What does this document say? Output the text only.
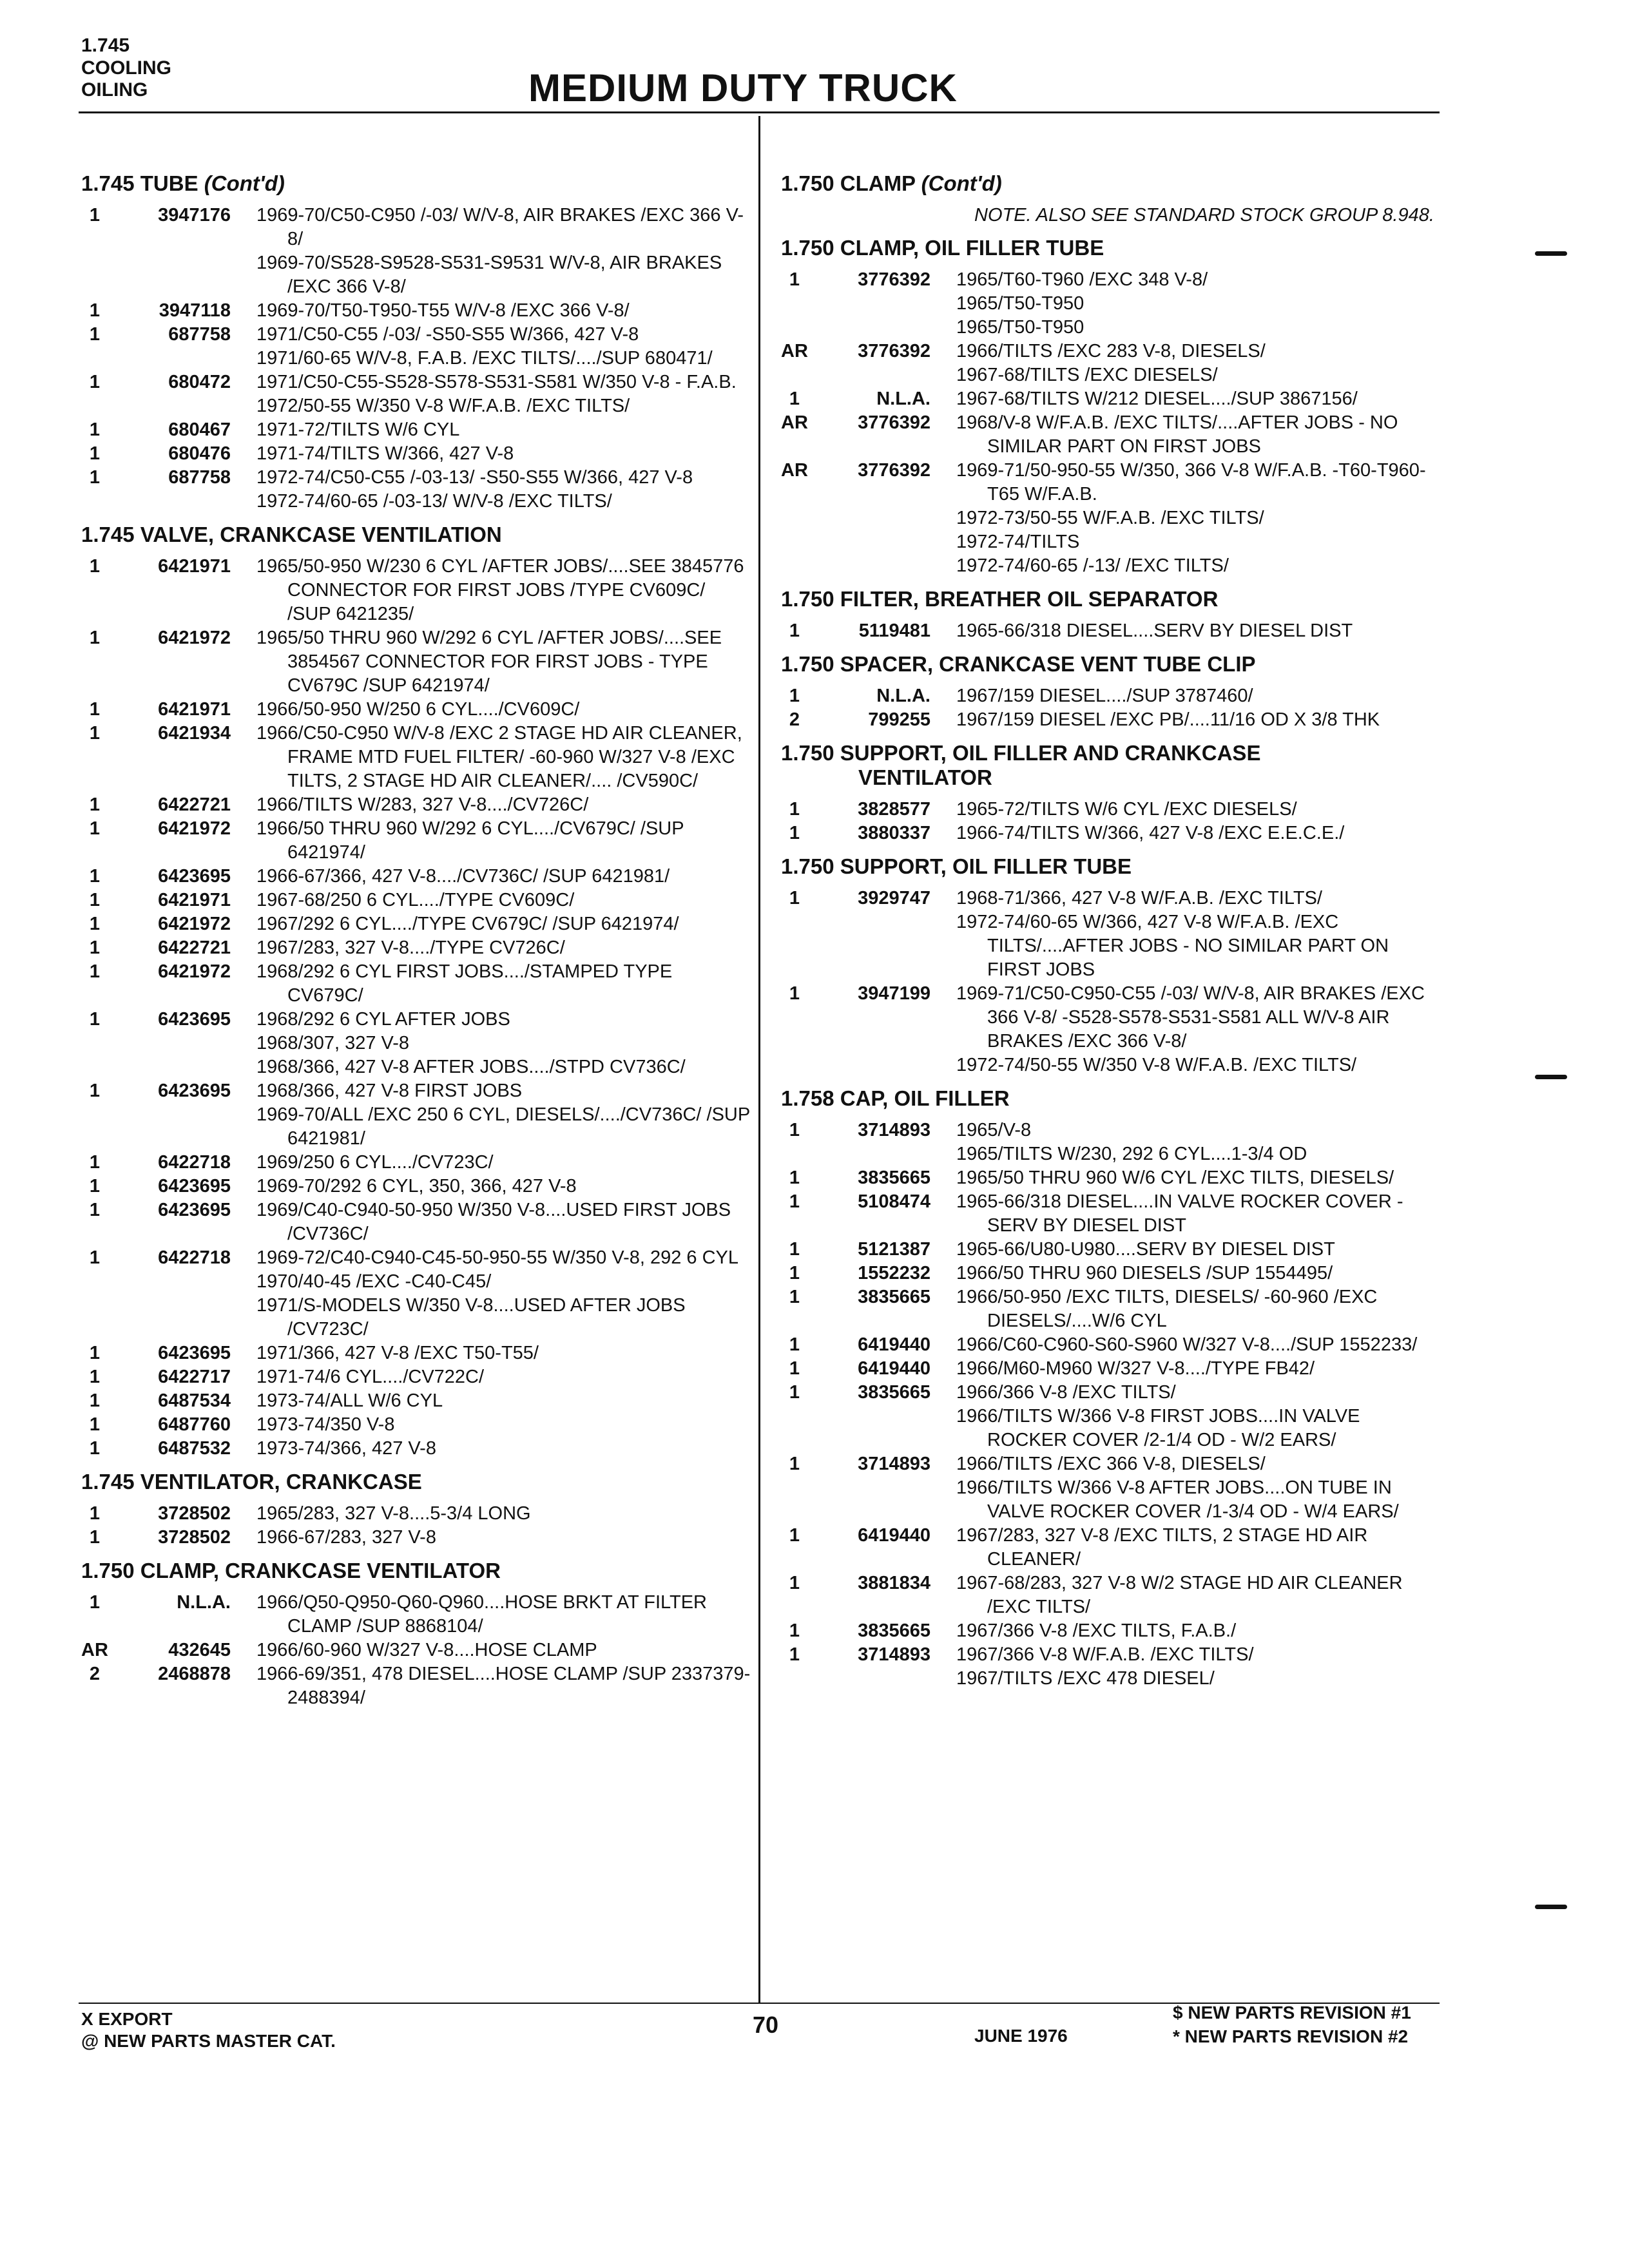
1.745
COOLING
OILING	MEDIUM DUTY TRUCK
1.745 TUBE (Cont'd)
1	3947176	1969-70/C50-C950 /-03/ W/V-8, AIR BRAKES /EXC 366 V-8/
1969-70/S528-S9528-S531-S9531 W/V-8, AIR BRAKES /EXC 366 V-8/
1	3947118	1969-70/T50-T950-T55 W/V-8 /EXC 366 V-8/
1	687758	1971/C50-C55 /-03/ -S50-S55 W/366, 427 V-8
1971/60-65 W/V-8, F.A.B. /EXC TILTS/..../SUP 680471/
1	680472	1971/C50-C55-S528-S578-S531-S581 W/350 V-8 - F.A.B.
1972/50-55 W/350 V-8 W/F.A.B. /EXC TILTS/
1	680467	1971-72/TILTS W/6 CYL
1	680476	1971-74/TILTS W/366, 427 V-8
1	687758	1972-74/C50-C55 /-03-13/ -S50-S55 W/366, 427 V-8
1972-74/60-65 /-03-13/ W/V-8 /EXC TILTS/
1.745 VALVE, CRANKCASE VENTILATION
1	6421971	1965/50-950 W/230 6 CYL /AFTER JOBS/....SEE 3845776 CONNECTOR FOR FIRST JOBS /TYPE CV609C/ /SUP 6421235/
1	6421972	1965/50 THRU 960 W/292 6 CYL /AFTER JOBS/....SEE 3854567 CONNECTOR FOR FIRST JOBS - TYPE CV679C /SUP 6421974/
1	6421971	1966/50-950 W/250 6 CYL..../CV609C/
1	6421934	1966/C50-C950 W/V-8 /EXC 2 STAGE HD AIR CLEANER, FRAME MTD FUEL FILTER/ -60-960 W/327 V-8 /EXC TILTS, 2 STAGE HD AIR CLEANER/.... /CV590C/
1	6422721	1966/TILTS W/283, 327 V-8..../CV726C/
1	6421972	1966/50 THRU 960 W/292 6 CYL..../CV679C/ /SUP 6421974/
1	6423695	1966-67/366, 427 V-8..../CV736C/ /SUP 6421981/
1	6421971	1967-68/250 6 CYL..../TYPE CV609C/
1	6421972	1967/292 6 CYL..../TYPE CV679C/ /SUP 6421974/
1	6422721	1967/283, 327 V-8..../TYPE CV726C/
1	6421972	1968/292 6 CYL FIRST JOBS..../STAMPED TYPE CV679C/
1	6423695	1968/292 6 CYL AFTER JOBS
1968/307, 327 V-8
1968/366, 427 V-8 AFTER JOBS..../STPD CV736C/
1	6423695	1968/366, 427 V-8 FIRST JOBS
1969-70/ALL /EXC 250 6 CYL, DIESELS/..../CV736C/ /SUP 6421981/
1	6422718	1969/250 6 CYL..../CV723C/
1	6423695	1969-70/292 6 CYL, 350, 366, 427 V-8
1	6423695	1969/C40-C940-50-950 W/350 V-8....USED FIRST JOBS /CV736C/
1	6422718	1969-72/C40-C940-C45-50-950-55 W/350 V-8, 292 6 CYL
1970/40-45 /EXC -C40-C45/
1971/S-MODELS W/350 V-8....USED AFTER JOBS /CV723C/
1	6423695	1971/366, 427 V-8 /EXC T50-T55/
1	6422717	1971-74/6 CYL..../CV722C/
1	6487534	1973-74/ALL W/6 CYL
1	6487760	1973-74/350 V-8
1	6487532	1973-74/366, 427 V-8
1.745 VENTILATOR, CRANKCASE
1	3728502	1965/283, 327 V-8....5-3/4 LONG
1	3728502	1966-67/283, 327 V-8
1.750 CLAMP, CRANKCASE VENTILATOR
1	N.L.A.	1966/Q50-Q950-Q60-Q960....HOSE BRKT AT FILTER CLAMP /SUP 8868104/
AR	432645	1966/60-960 W/327 V-8....HOSE CLAMP
2	2468878	1966-69/351, 478 DIESEL....HOSE CLAMP /SUP 2337379-2488394/
1.750 CLAMP (Cont'd)
NOTE. ALSO SEE STANDARD STOCK GROUP 8.948.
1.750 CLAMP, OIL FILLER TUBE
1	3776392	1965/T60-T960 /EXC 348 V-8/
1965/T50-T950
1965/T50-T950
AR	3776392	1966/TILTS /EXC 283 V-8, DIESELS/
1967-68/TILTS /EXC DIESELS/
1	N.L.A.	1967-68/TILTS W/212 DIESEL..../SUP 3867156/
AR	3776392	1968/V-8 W/F.A.B. /EXC TILTS/....AFTER JOBS - NO SIMILAR PART ON FIRST JOBS
AR	3776392	1969-71/50-950-55 W/350, 366 V-8 W/F.A.B. -T60-T960-T65 W/F.A.B.
1972-73/50-55 W/F.A.B. /EXC TILTS/
1972-74/TILTS
1972-74/60-65 /-13/ /EXC TILTS/
1.750 FILTER, BREATHER OIL SEPARATOR
1	5119481	1965-66/318 DIESEL....SERV BY DIESEL DIST
1.750 SPACER, CRANKCASE VENT TUBE CLIP
1	N.L.A.	1967/159 DIESEL..../SUP 3787460/
2	799255	1967/159 DIESEL /EXC PB/....11/16 OD X 3/8 THK
1.750 SUPPORT, OIL FILLER AND CRANKCASE
VENTILATOR
1	3828577	1965-72/TILTS W/6 CYL /EXC DIESELS/
1	3880337	1966-74/TILTS W/366, 427 V-8 /EXC E.E.C.E./
1.750 SUPPORT, OIL FILLER TUBE
1	3929747	1968-71/366, 427 V-8 W/F.A.B. /EXC TILTS/
1972-74/60-65 W/366, 427 V-8 W/F.A.B. /EXC TILTS/....AFTER JOBS - NO SIMILAR PART ON FIRST JOBS
1	3947199	1969-71/C50-C950-C55 /-03/ W/V-8, AIR BRAKES /EXC 366 V-8/ -S528-S578-S531-S581 ALL W/V-8 AIR BRAKES /EXC 366 V-8/
1972-74/50-55 W/350 V-8 W/F.A.B. /EXC TILTS/
1.758 CAP, OIL FILLER
1	3714893	1965/V-8
1965/TILTS W/230, 292 6 CYL....1-3/4 OD
1	3835665	1965/50 THRU 960 W/6 CYL /EXC TILTS, DIESELS/
1	5108474	1965-66/318 DIESEL....IN VALVE ROCKER COVER - SERV BY DIESEL DIST
1	5121387	1965-66/U80-U980....SERV BY DIESEL DIST
1	1552232	1966/50 THRU 960 DIESELS /SUP 1554495/
1	3835665	1966/50-950 /EXC TILTS, DIESELS/ -60-960 /EXC DIESELS/....W/6 CYL
1	6419440	1966/C60-C960-S60-S960 W/327 V-8..../SUP 1552233/
1	6419440	1966/M60-M960 W/327 V-8..../TYPE FB42/
1	3835665	1966/366 V-8 /EXC TILTS/
1966/TILTS W/366 V-8 FIRST JOBS....IN VALVE ROCKER COVER /2-1/4 OD - W/2 EARS/
1	3714893	1966/TILTS /EXC 366 V-8, DIESELS/
1966/TILTS W/366 V-8 AFTER JOBS....ON TUBE IN VALVE ROCKER COVER /1-3/4 OD - W/4 EARS/
1	6419440	1967/283, 327 V-8 /EXC TILTS, 2 STAGE HD AIR CLEANER/
1	3881834	1967-68/283, 327 V-8 W/2 STAGE HD AIR CLEANER /EXC TILTS/
1	3835665	1967/366 V-8 /EXC TILTS, F.A.B./
1	3714893	1967/366 V-8 W/F.A.B. /EXC TILTS/
1967/TILTS /EXC 478 DIESEL/
X EXPORT
@ NEW PARTS MASTER CAT.
70	JUNE 1976
$ NEW PARTS REVISION #1
* NEW PARTS REVISION #2
